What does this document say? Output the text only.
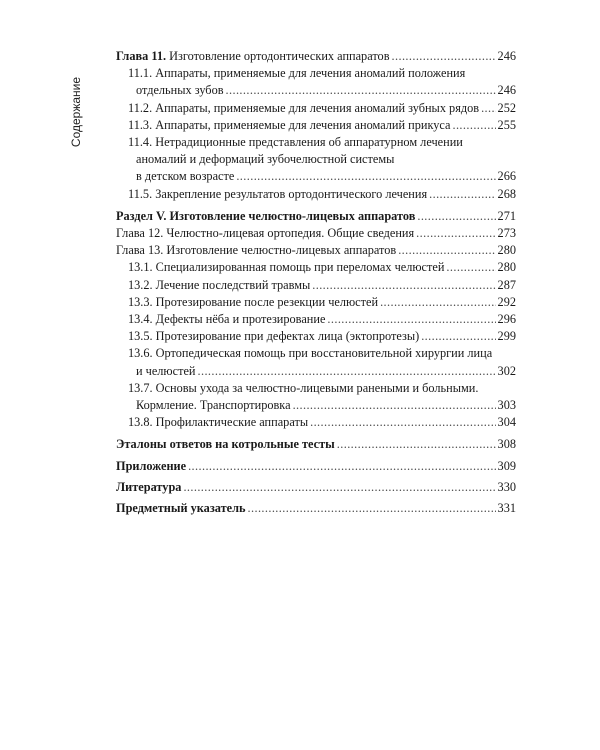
Содержание
Глава 11. Изготовление ортодонтических аппаратов .....	246
11.1. Аппараты, применяемые для лечения аномалий положения
отдельных зубов .....	246
11.2. Аппараты, применяемые для лечения аномалий зубных рядов ..... 252
11.3. Аппараты, применяемые для лечения аномалий прикуса .....	255
11.4. Нетрадиционные представления об аппаратурном лечении
аномалий и деформаций зубочелюстной системы
в детском возрасте .....	266
11.5. Закрепление результатов ортодонтического лечения .....	268
Раздел V. Изготовление челюстно-лицевых аппаратов .....	271
Глава 12. Челюстно-лицевая ортопедия. Общие сведения .....	273
Глава 13. Изготовление челюстно-лицевых аппаратов .....	280
13.1. Специализированная помощь при переломах челюстей .....	280
13.2. Лечение последствий травмы .....	287
13.3. Протезирование после резекции челюстей .....	292
13.4. Дефекты нёба и протезирование .....	296
13.5. Протезирование при дефектах лица (эктопротезы) .....	299
13.6. Ортопедическая помощь при восстановительной хирургии лица
и челюстей .....	302
13.7. Основы ухода за челюстно-лицевыми ранеными и больными.
Кормление. Транспортировка .....	303
13.8. Профилактические аппараты .....	304
Эталоны ответов на котрольные тесты .....	308
Приложение .....	309
Литература .....	330
Предметный указатель .....	331
